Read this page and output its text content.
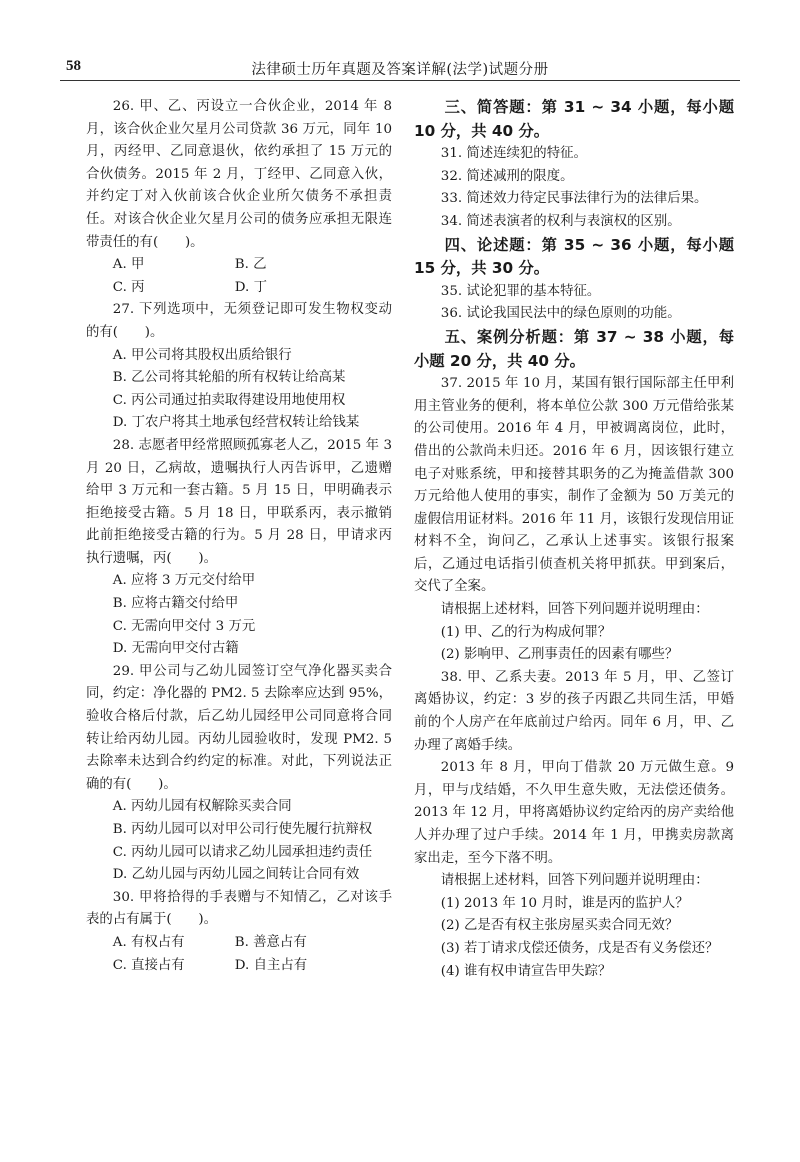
58	法律硕士历年真题及答案详解(法学)试题分册

26. 甲、乙、丙设立一合伙企业，2014 年 8 月，该合伙企业欠星月公司贷款 36 万元，同年 10 月，丙经甲、乙同意退伙，依约承担了 15 万元的合伙债务。2015 年 2 月，丁经甲、乙同意入伙，并约定丁对入伙前该合伙企业所欠债务不承担责任。对该合伙企业欠星月公司的债务应承担无限连带责任的有(　　)。

A. 甲	B. 乙
C. 丙	D. 丁

27. 下列选项中，无须登记即可发生物权变动的有(　　)。

A. 甲公司将其股权出质给银行

B. 乙公司将其轮船的所有权转让给高某

C. 丙公司通过拍卖取得建设用地使用权

D. 丁农户将其土地承包经营权转让给钱某

28. 志愿者甲经常照顾孤寡老人乙，2015 年 3 月 20 日，乙病故，遗嘱执行人丙告诉甲，乙遗赠给甲 3 万元和一套古籍。5 月 15 日，甲明确表示拒绝接受古籍。5 月 18 日，甲联系丙，表示撤销此前拒绝接受古籍的行为。5 月 28 日，甲请求丙执行遗嘱，丙(　　)。

A. 应将 3 万元交付给甲

B. 应将古籍交付给甲

C. 无需向甲交付 3 万元

D. 无需向甲交付古籍

29. 甲公司与乙幼儿园签订空气净化器买卖合同，约定：净化器的 PM2. 5 去除率应达到 95%，验收合格后付款，后乙幼儿园经甲公司同意将合同转让给丙幼儿园。丙幼儿园验收时，发现 PM2. 5 去除率未达到合约约定的标准。对此，下列说法正确的有(　　)。

A. 丙幼儿园有权解除买卖合同

B. 丙幼儿园可以对甲公司行使先履行抗辩权

C. 丙幼儿园可以请求乙幼儿园承担违约责任

D. 乙幼儿园与丙幼儿园之间转让合同有效

30. 甲将拾得的手表赠与不知情乙，乙对该手表的占有属于(　　)。

A. 有权占有	B. 善意占有
C. 直接占有	D. 自主占有

三、简答题：第 31 ~ 34 小题，每小题 10 分，共 40 分。

31. 简述连续犯的特征。

32. 简述减刑的限度。

33. 简述效力待定民事法律行为的法律后果。

34. 简述表演者的权利与表演权的区别。

四、论述题：第 35 ~ 36 小题，每小题 15 分，共 30 分。

35. 试论犯罪的基本特征。

36. 试论我国民法中的绿色原则的功能。

五、案例分析题：第 37 ~ 38 小题，每小题 20 分，共 40 分。

37. 2015 年 10 月，某国有银行国际部主任甲利用主管业务的便利，将本单位公款 300 万元借给张某的公司使用。2016 年 4 月，甲被调离岗位，此时，借出的公款尚未归还。2016 年 6 月，因该银行建立电子对账系统，甲和接替其职务的乙为掩盖借款 300 万元给他人使用的事实，制作了金额为 50 万美元的虚假信用证材料。2016 年 11 月，该银行发现信用证材料不全，询问乙，乙承认上述事实。该银行报案后，乙通过电话指引侦查机关将甲抓获。甲到案后，交代了全案。

请根据上述材料，回答下列问题并说明理由：

(1) 甲、乙的行为构成何罪？

(2) 影响甲、乙刑事责任的因素有哪些？

38. 甲、乙系夫妻。2013 年 5 月，甲、乙签订离婚协议，约定：3 岁的孩子丙跟乙共同生活，甲婚前的个人房产在年底前过户给丙。同年 6 月，甲、乙办理了离婚手续。

2013 年 8 月，甲向丁借款 20 万元做生意。9 月，甲与戊结婚，不久甲生意失败，无法偿还债务。2013 年 12 月，甲将离婚协议约定给丙的房产卖给他人并办理了过户手续。2014 年 1 月，甲携卖房款离家出走，至今下落不明。

请根据上述材料，回答下列问题并说明理由：

(1) 2013 年 10 月时，谁是丙的监护人？

(2) 乙是否有权主张房屋买卖合同无效？

(3) 若丁请求戊偿还债务，戊是否有义务偿还？

(4) 谁有权申请宣告甲失踪？
